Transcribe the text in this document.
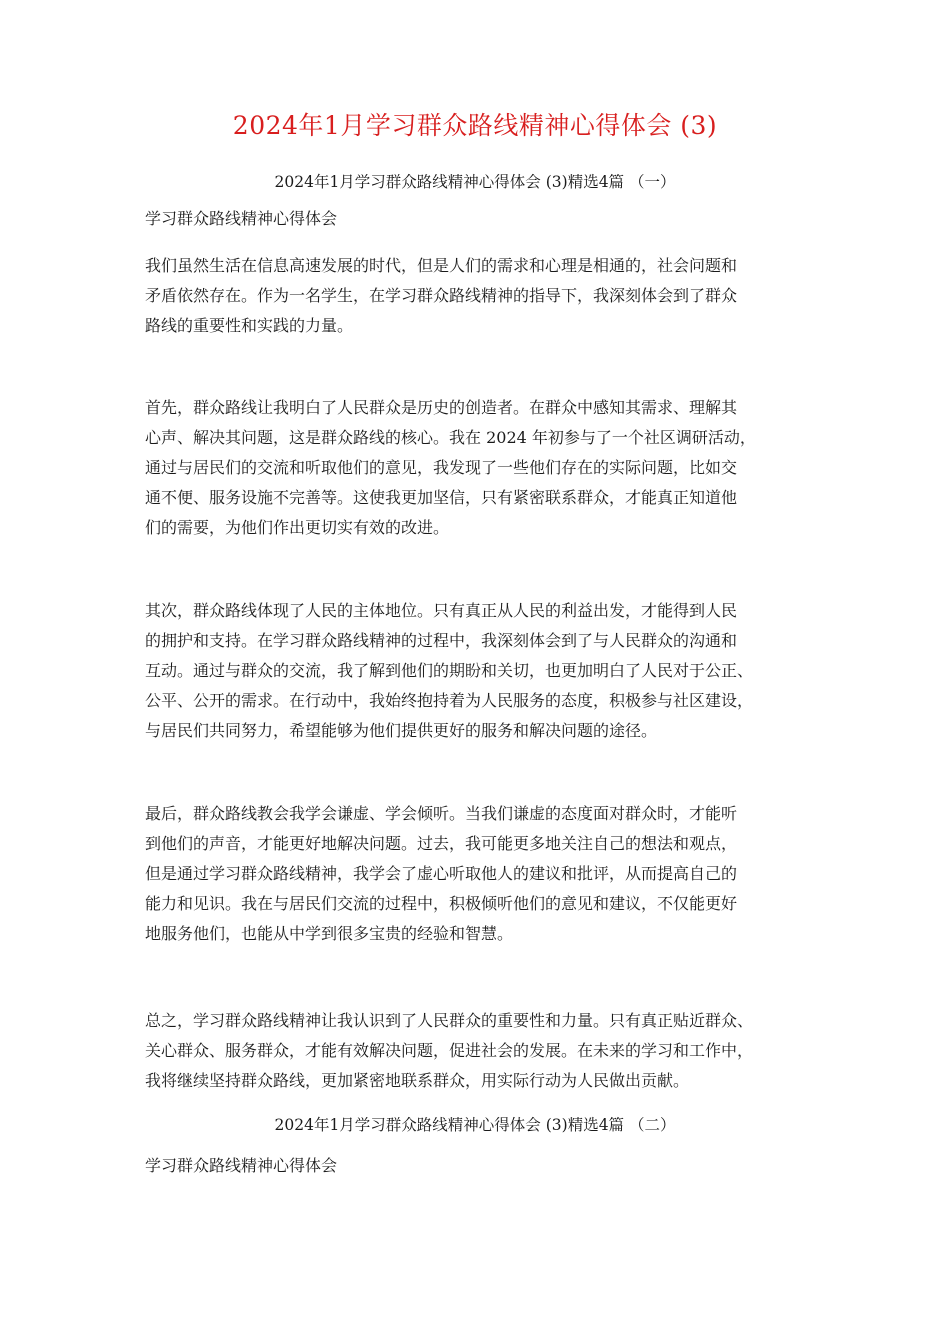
2024年1月学习群众路线精神心得体会 (3)
2024年1月学习群众路线精神心得体会 (3)精选4篇 （一）
学习群众路线精神心得体会
我们虽然生活在信息高速发展的时代，但是人们的需求和心理是相通的，社会问题和
矛盾依然存在。作为一名学生，在学习群众路线精神的指导下，我深刻体会到了群众
路线的重要性和实践的力量。
首先，群众路线让我明白了人民群众是历史的创造者。在群众中感知其需求、理解其
心声、解决其问题，这是群众路线的核心。我在 2024 年初参与了一个社区调研活动，
通过与居民们的交流和听取他们的意见，我发现了一些他们存在的实际问题，比如交
通不便、服务设施不完善等。这使我更加坚信，只有紧密联系群众，才能真正知道他
们的需要，为他们作出更切实有效的改进。
其次，群众路线体现了人民的主体地位。只有真正从人民的利益出发，才能得到人民
的拥护和支持。在学习群众路线精神的过程中，我深刻体会到了与人民群众的沟通和
互动。通过与群众的交流，我了解到他们的期盼和关切，也更加明白了人民对于公正、
公平、公开的需求。在行动中，我始终抱持着为人民服务的态度，积极参与社区建设，
与居民们共同努力，希望能够为他们提供更好的服务和解决问题的途径。
最后，群众路线教会我学会谦虚、学会倾听。当我们谦虚的态度面对群众时，才能听
到他们的声音，才能更好地解决问题。过去，我可能更多地关注自己的想法和观点，
但是通过学习群众路线精神，我学会了虚心听取他人的建议和批评，从而提高自己的
能力和见识。我在与居民们交流的过程中，积极倾听他们的意见和建议，不仅能更好
地服务他们，也能从中学到很多宝贵的经验和智慧。
总之，学习群众路线精神让我认识到了人民群众的重要性和力量。只有真正贴近群众、
关心群众、服务群众，才能有效解决问题，促进社会的发展。在未来的学习和工作中，
我将继续坚持群众路线，更加紧密地联系群众，用实际行动为人民做出贡献。
2024年1月学习群众路线精神心得体会 (3)精选4篇 （二）
学习群众路线精神心得体会
